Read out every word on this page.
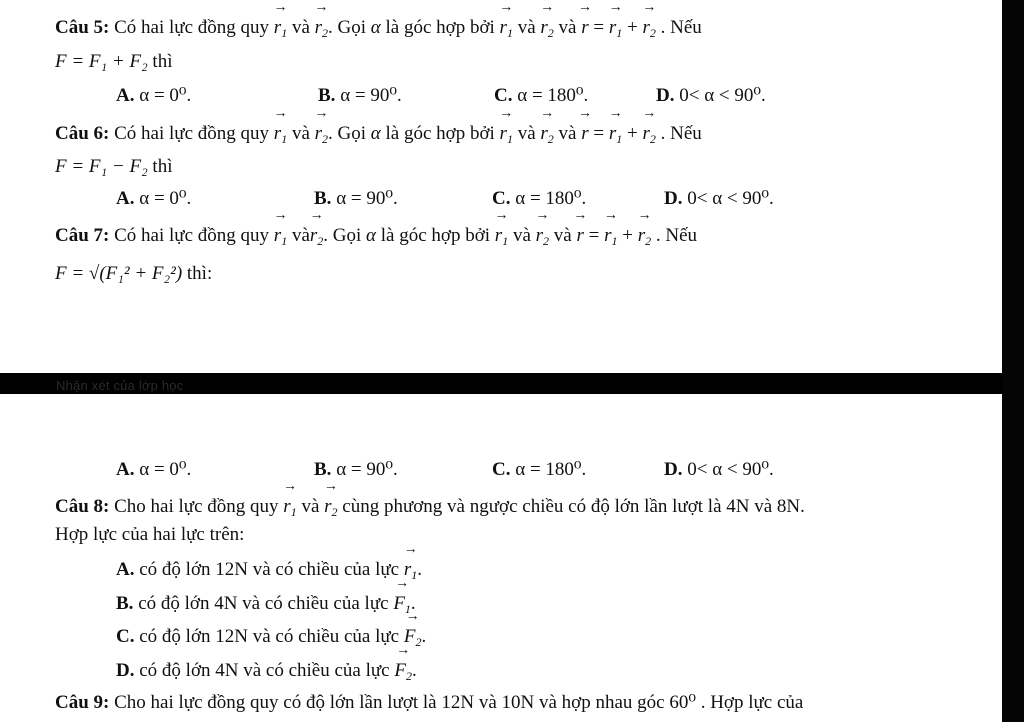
Câu 5: Có hai lực đồng quy → $r_1$ và → $r_2$. Gọi α là góc hợp bởi → $r_1$ và → $r_2$ và → r = → $r_1$ + → $r_2$ . Nếu
F = F₁ + F₂ thì
A. α = 0⁰.	B. α = 90⁰.	C. α = 180⁰.	D. 0< α < 90⁰.
Câu 6: Có hai lực đồng quy → $r_1$ và → $r_2$. Gọi α là góc hợp bởi → $r_1$ và → $r_2$ và → r = → $r_1$ + → $r_2$ . Nếu
F = F₁ − F₂ thì
A. α = 0⁰.	B. α = 90⁰.	C. α = 180⁰.	D. 0< α < 90⁰.
Câu 7: Có hai lực đồng quy → $r_1$ và→ $r_2$. Gọi α là góc hợp bởi → $r_1$ và → $r_2$ và → r = → $r_1$ + → $r_2$ . Nếu
F = √(F₁² + F₂²) thì:
Nhận xét của lớp học
A. α = 0⁰.	B. α = 90⁰.	C. α = 180⁰.	D. 0< α < 90⁰.
Câu 8: Cho hai lực đồng quy → $r_1$ và → $r_2$ cùng phương và ngược chiều có độ lớn lần lượt là 4N và 8N.
Hợp lực của hai lực trên:
A. có độ lớn 12N và có chiều của lực → $r_1$.
B. có độ lớn 4N và có chiều của lực → $F_1$.
C. có độ lớn 12N và có chiều của lực → $F_2$.
D. có độ lớn 4N và có chiều của lực → $F_2$.
Câu 9: Cho hai lực đồng quy có độ lớn lần lượt là 12N và 10N và hợp nhau góc 60⁰ . Hợp lực của
